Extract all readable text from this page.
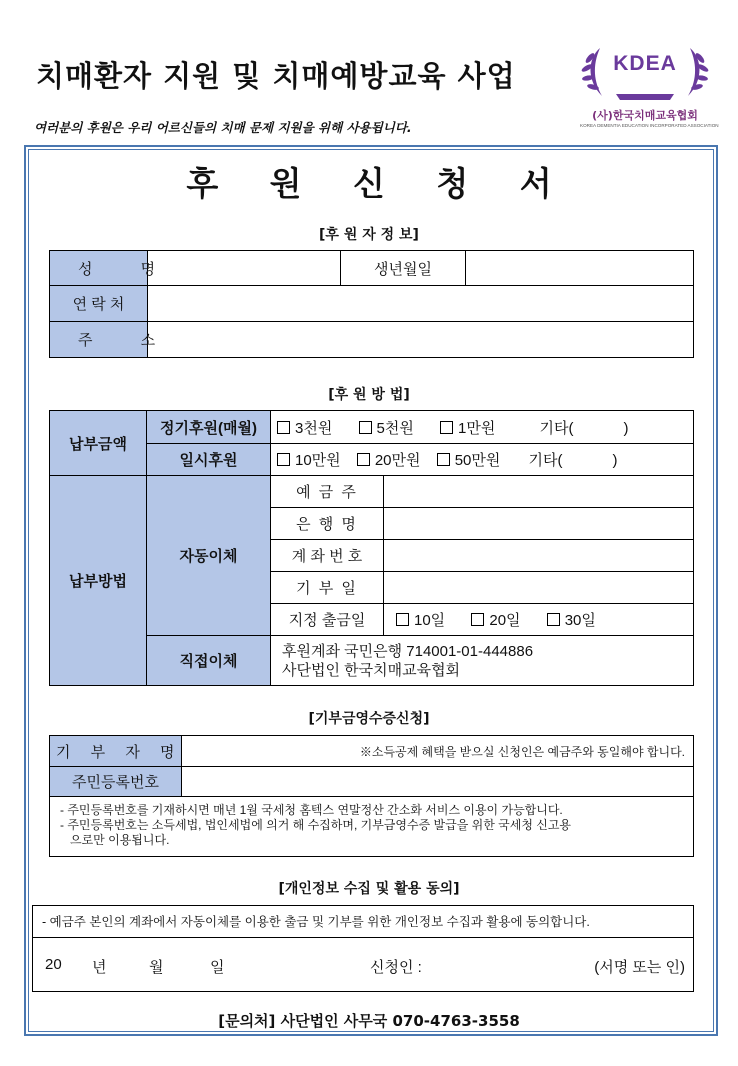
치매환자 지원 및 치매예방교육 사업
여러분의 후원은 우리 어르신들의 치매 문제 지원을 위해 사용됩니다.
KDEA
(사)한국치매교육협회
KOREA DEMENTIA EDUCATION INCORPORATED ASSOCIATION
후 원 신 청 서
[후 원 자 정 보]
성 명		생년월일	
연 락 처			
주 소			
[후 원 방 법]
납부금액	정기후원(매월)	3천원 5천원 1만원 기타(            )	
	일시후원	10만원 20만원 50만원 기타(            )	
납부방법	자동이체	예 금 주	
		은 행 명	
		계 좌 번 호	
		기 부 일	
		지정 출금일	10일 20일 30일
	직접이체	후원계좌 국민은행 714001-01-444886
사단법인 한국치매교육협회	
[기부금영수증신청]
기 부 자 명	※소득공제 혜택을 받으실 신청인은 예금주와 동일해야 합니다.
주민등록번호	

- 주민등록번호를 기재하시면 매년 1월 국세청 홈텍스 연말정산 간소화 서비스 이용이 가능합니다.
- 주민등록번호는 소득세법, 법인세법에 의거 해 수집하며, 기부금영수증 발급을 위한 국세청 신고용
으로만 이용됩니다.	
[개인정보 수집 및 활용 동의]
- 예금주 본인의 계좌에서 자동이체를 이용한 출금 및 기부를 위한 개인정보 수집과 활용에 동의합니다.
20 년	월	일	신청인 :	(서명 또는 인)
[문의처] 사단법인 사무국 070-4763-3558
